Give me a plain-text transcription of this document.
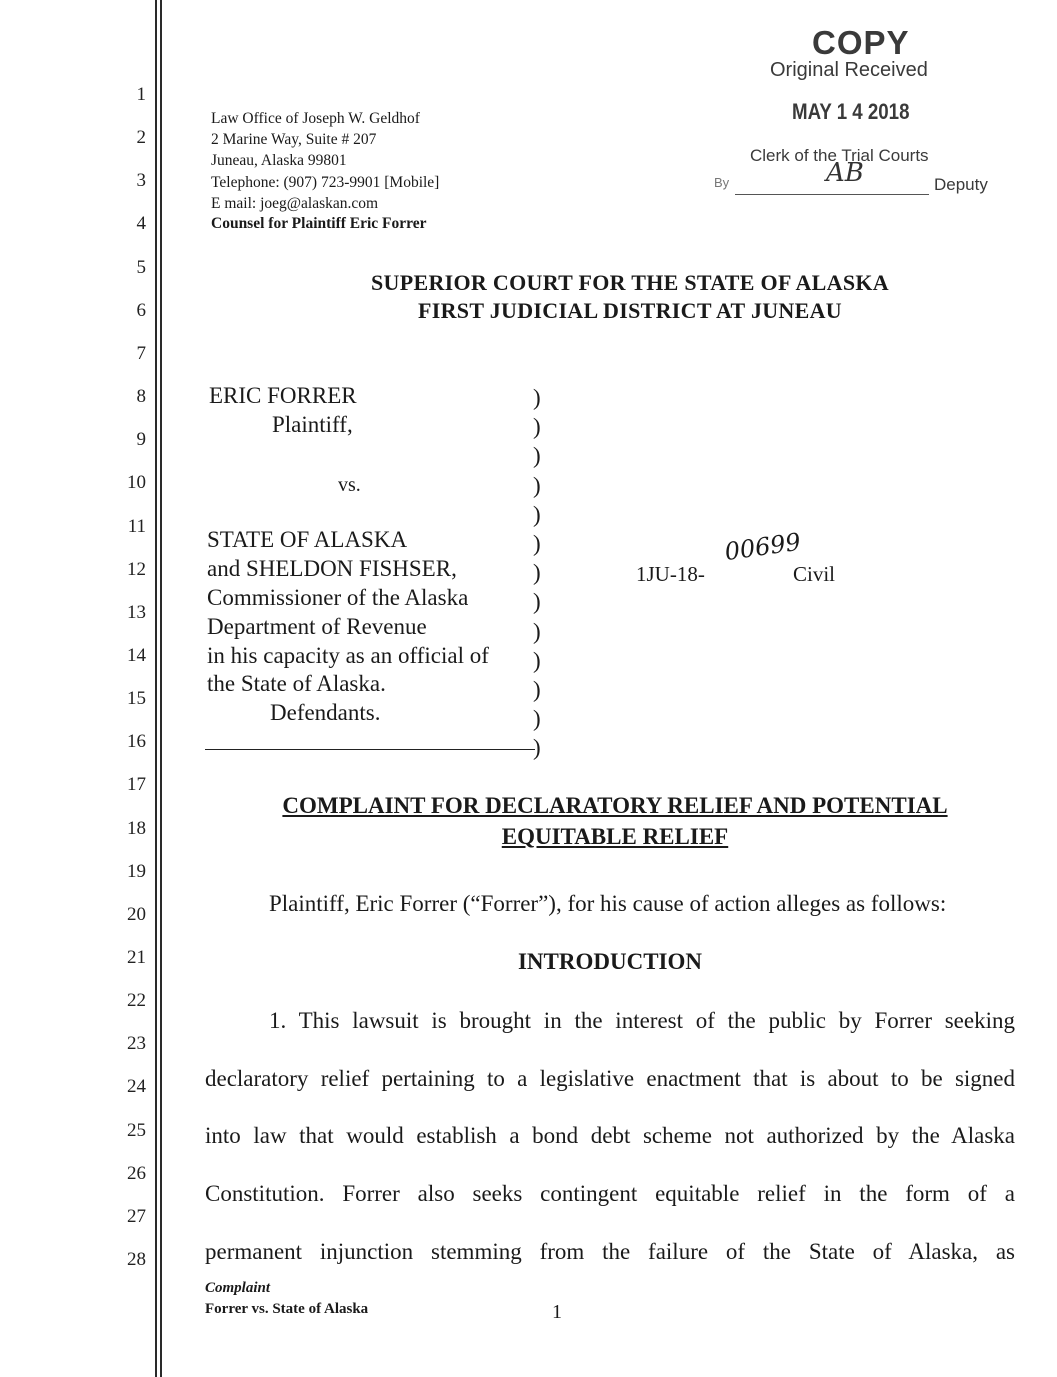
1
2
3
4
5
6
7
8
9
10
11
12
13
14
15
16
17
18
19
20
21
22
23
24
25
26
27
28
Law Office of Joseph W. Geldhof
2 Marine Way, Suite # 207
Juneau, Alaska 99801
Telephone: (907) 723-9901 [Mobile]
E mail: joeg@alaskan.com
Counsel for Plaintiff Eric Forrer
COPY
Original Received
MAY 1 4 2018
Clerk of the Trial Courts
By	AB	Deputy
SUPERIOR COURT FOR THE STATE OF ALASKA
FIRST JUDICIAL DISTRICT AT JUNEAU
ERIC FORRER
Plaintiff,
vs.
STATE OF ALASKA
and SHELDON FISHSER,
Commissioner of the Alaska
Department of Revenue
in his capacity as an official of
the State of Alaska.
Defendants.
)
)
)
)
)
)
)
)
)
)
)
)
)
1JU-18-
00699
Civil
COMPLAINT FOR DECLARATORY RELIEF AND POTENTIAL
EQUITABLE RELIEF
Plaintiff, Eric Forrer (“Forrer”), for his cause of action alleges as follows:
INTRODUCTION
1. This lawsuit is brought in the interest of the public by Forrer seeking
declaratory relief pertaining to a legislative enactment that is about to be signed
into law that would establish a bond debt scheme not authorized by the Alaska
Constitution. Forrer also seeks contingent equitable relief in the form of a
permanent injunction stemming from the failure of the State of Alaska, as
Complaint
Forrer vs. State of Alaska	1
